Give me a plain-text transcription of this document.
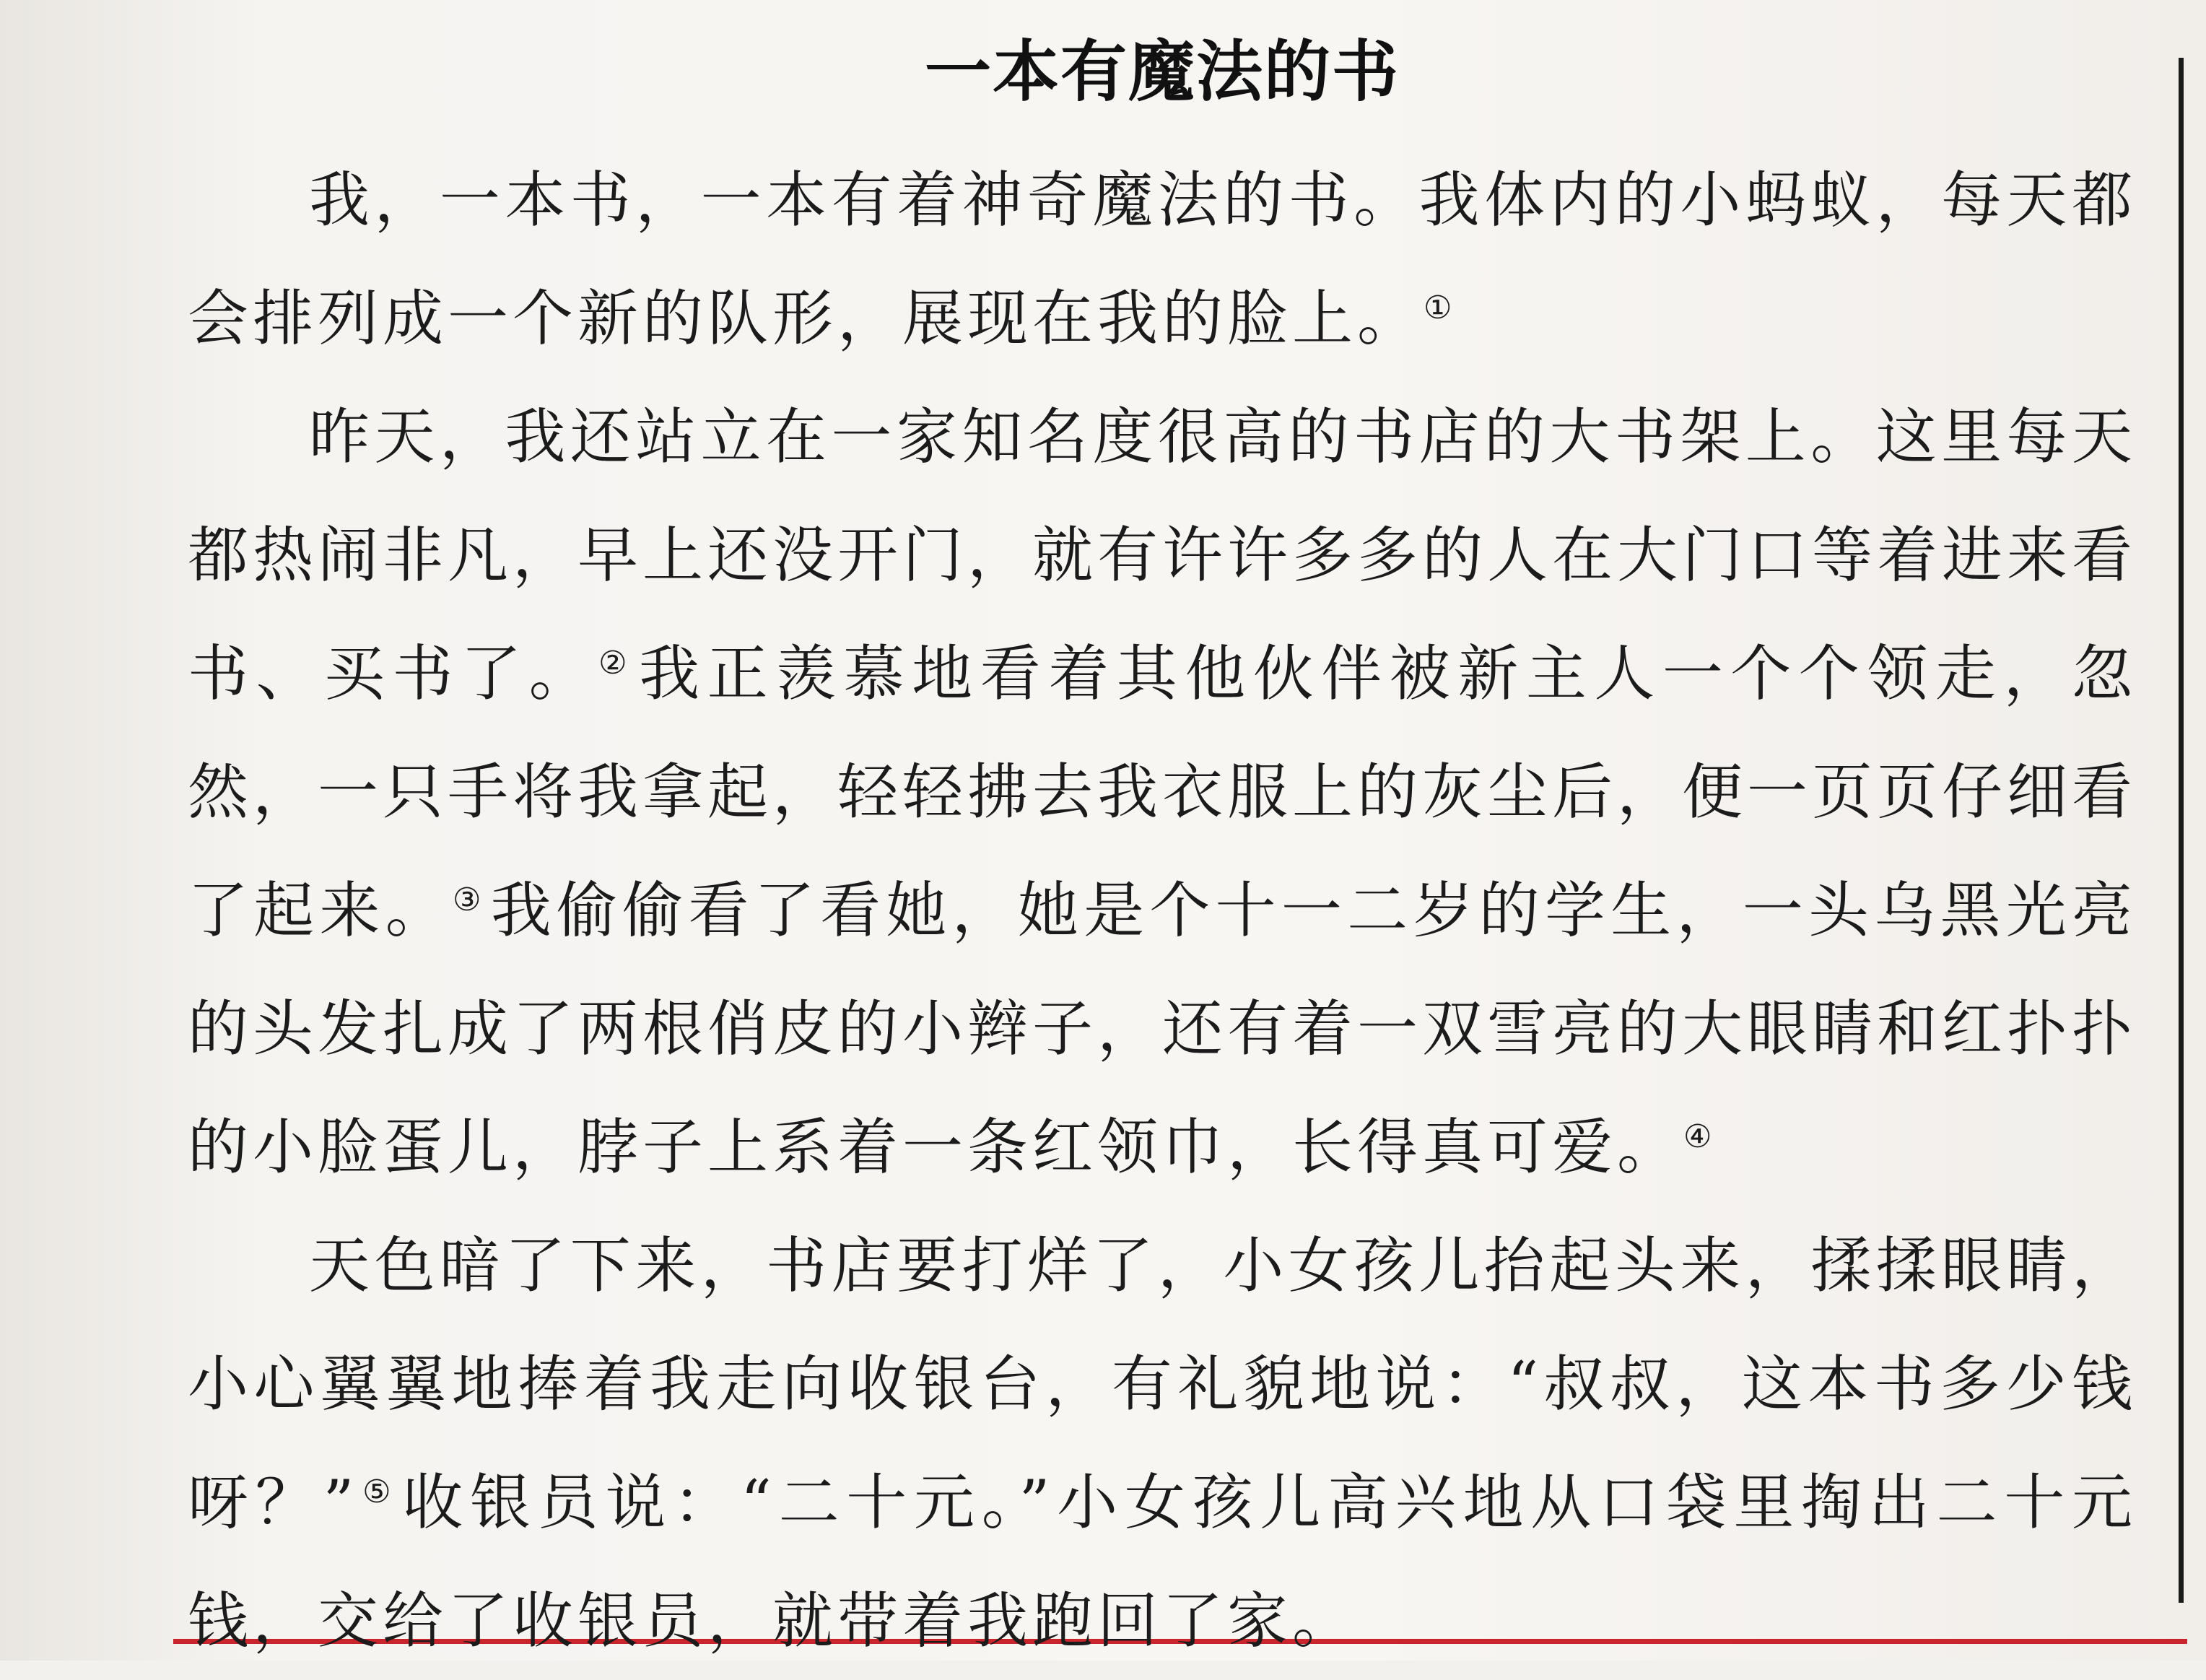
一本有魔法的书

我，一本书，一本有着神奇魔法的书。我体内的小蚂蚁，每天都会排列成一个新的队形，展现在我的脸上。①

昨天，我还站立在一家知名度很高的书店的大书架上。这里每天都热闹非凡，早上还没开门，就有许许多多的人在大门口等着进来看书、买书了。②我正羡慕地看着其他伙伴被新主人一个个领走，忽然，一只手将我拿起，轻轻拂去我衣服上的灰尘后，便一页页仔细看了起来。③我偷偷看了看她，她是个十一二岁的学生，一头乌黑光亮的头发扎成了两根俏皮的小辫子，还有着一双雪亮的大眼睛和红扑扑的小脸蛋儿，脖子上系着一条红领巾，长得真可爱。④

天色暗了下来，书店要打烊了，小女孩儿抬起头来，揉揉眼睛，小心翼翼地捧着我走向收银台，有礼貌地说：“叔叔，这本书多少钱呀？”⑤收银员说：“二十元。”小女孩儿高兴地从口袋里掏出二十元钱，交给了收银员，就带着我跑回了家。
